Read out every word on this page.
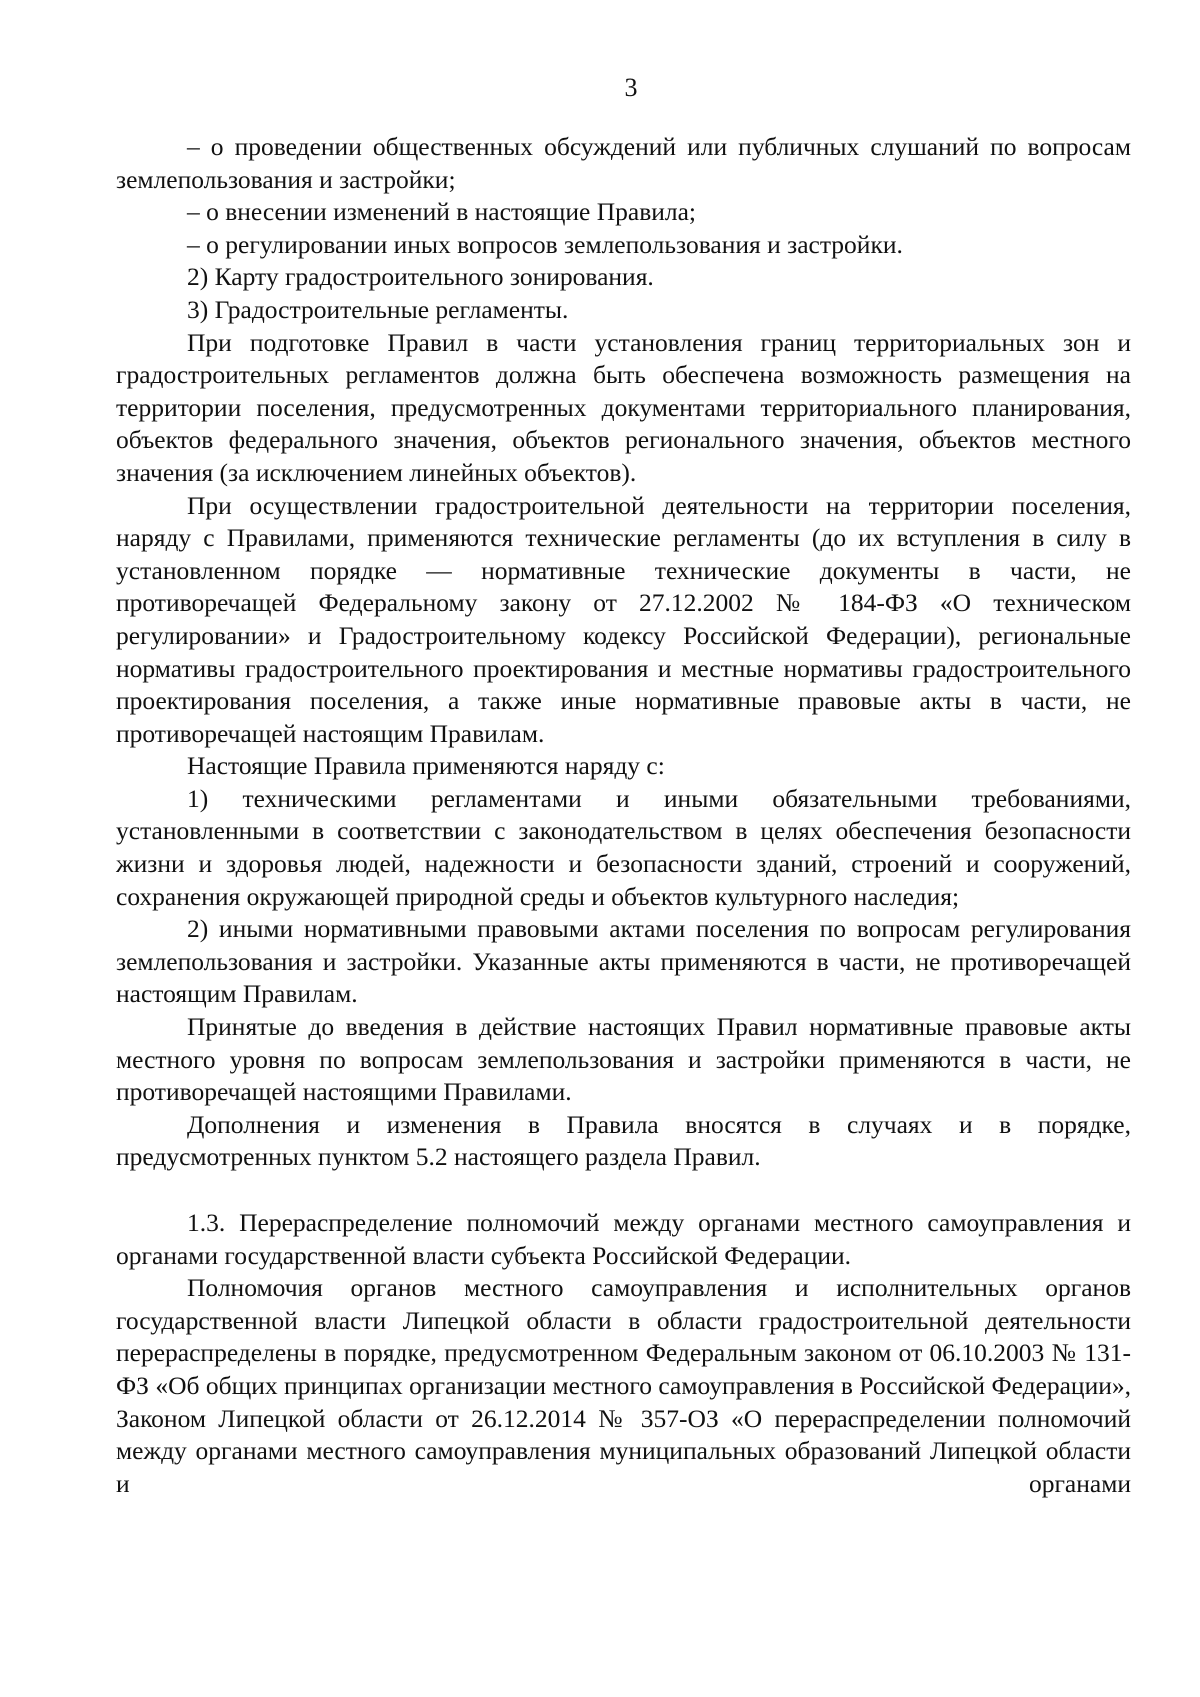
3

– о проведении общественных обсуждений или публичных слушаний по вопросам землепользования и застройки;

– о внесении изменений в настоящие Правила;

– о регулировании иных вопросов землепользования и застройки.

2) Карту градостроительного зонирования.

3) Градостроительные регламенты.

При подготовке Правил в части установления границ территориальных зон и градостроительных регламентов должна быть обеспечена возможность размещения на территории поселения, предусмотренных документами территориального планирования, объектов федерального значения, объектов регионального значения, объектов местного значения (за исключением линейных объектов).

При осуществлении градостроительной деятельности на территории поселения, наряду с Правилами, применяются технические регламенты (до их вступления в силу в установленном порядке — нормативные технические документы в части, не противоречащей Федеральному закону от 27.12.2002 № 184-ФЗ «О техническом регулировании» и Градостроительному кодексу Российской Федерации), региональные нормативы градостроительного проектирования и местные нормативы градостроительного проектирования поселения, а также иные нормативные правовые акты в части, не противоречащей настоящим Правилам.

Настоящие Правила применяются наряду с:

1) техническими регламентами и иными обязательными требованиями, установленными в соответствии с законодательством в целях обеспечения безопасности жизни и здоровья людей, надежности и безопасности зданий, строений и сооружений, сохранения окружающей природной среды и объектов культурного наследия;

2) иными нормативными правовыми актами поселения по вопросам регулирования землепользования и застройки. Указанные акты применяются в части, не противоречащей настоящим Правилам.

Принятые до введения в действие настоящих Правил нормативные правовые акты местного уровня по вопросам землепользования и застройки применяются в части, не противоречащей настоящими Правилами.

Дополнения и изменения в Правила вносятся в случаях и в порядке, предусмотренных пунктом 5.2 настоящего раздела Правил.

1.3. Перераспределение полномочий между органами местного самоуправления и органами государственной власти субъекта Российской Федерации.

Полномочия органов местного самоуправления и исполнительных органов государственной власти Липецкой области в области градостроительной деятельности перераспределены в порядке, предусмотренном Федеральным законом от 06.10.2003 № 131-ФЗ «Об общих принципах организации местного самоуправления в Российской Федерации», Законом Липецкой области от 26.12.2014 № 357-ОЗ «О перераспределении полномочий между органами местного самоуправления муниципальных образований Липецкой области и органами
